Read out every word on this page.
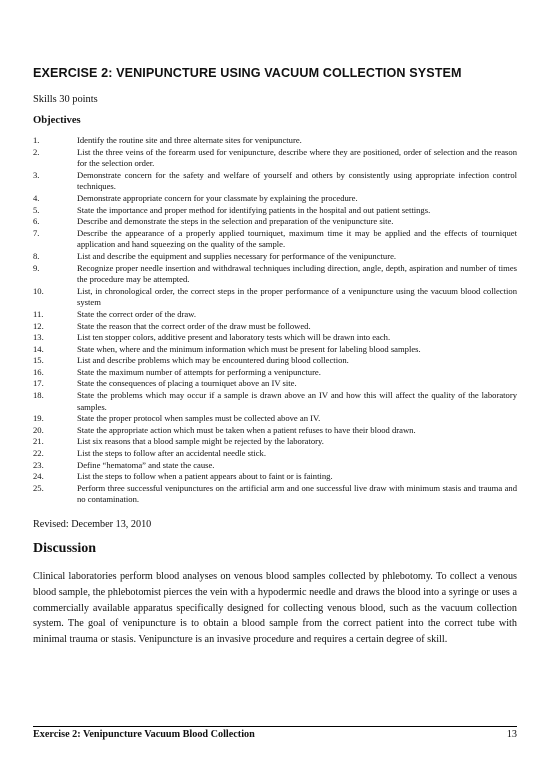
EXERCISE 2: VENIPUNCTURE USING VACUUM COLLECTION SYSTEM
Skills 30 points
Objectives
1.	Identify the routine site and three alternate sites for venipuncture.
2.	List the three veins of the forearm used for venipuncture, describe where they are positioned, order of selection and the reason for the selection order.
3.	Demonstrate concern for the safety and welfare of yourself and others by consistently using appropriate infection control techniques.
4.	Demonstrate appropriate concern for your classmate by explaining the procedure.
5.	State the importance and proper method for identifying patients in the hospital and out patient settings.
6.	Describe and demonstrate the steps in the selection and preparation of the venipuncture site.
7.	Describe the appearance of a properly applied tourniquet, maximum time it may be applied and the effects of tourniquet application and hand squeezing on the quality of the sample.
8.	List and describe the equipment and supplies necessary for performance of the venipuncture.
9.	Recognize proper needle insertion and withdrawal techniques including direction, angle, depth, aspiration and number of times the procedure may be attempted.
10.	List, in chronological order, the correct steps in the proper performance of a venipuncture using the vacuum blood collection system
11.	State the correct order of the draw.
12.	State the reason that the correct order of the draw must be followed.
13.	List ten stopper colors, additive present and laboratory tests which will be drawn into each.
14.	State when, where and the minimum information which must be present for labeling blood samples.
15.	List and describe problems which may be encountered during blood collection.
16.	State the maximum number of attempts for performing a venipuncture.
17.	State the consequences of placing a tourniquet above an IV site.
18.	State the problems which may occur if a sample is drawn above an IV and how this will affect the quality of the laboratory samples.
19.	State the proper protocol when samples must be collected above an IV.
20.	State the appropriate action which must be taken when a patient refuses to have their blood drawn.
21.	List six reasons that a blood sample might be rejected by the laboratory.
22.	List the steps to follow after an accidental needle stick.
23.	Define “hematoma” and state the cause.
24.	List the steps to follow when a patient appears about to faint or is fainting.
25.	Perform three successful venipunctures on the artificial arm and one successful live draw with minimum stasis and trauma and no contamination.
Revised: December 13, 2010
Discussion

Clinical laboratories perform blood analyses on venous blood samples collected by phlebotomy. To collect a venous blood sample, the phlebotomist pierces the vein with a hypodermic needle and draws the blood into a syringe or uses a commercially available apparatus specifically designed for collecting venous blood, such as the vacuum collection system. The goal of venipuncture is to obtain a blood sample from the correct patient into the correct tube with minimal trauma or stasis. Venipuncture is an invasive procedure and requires a certain degree of skill.

Exercise 2: Venipuncture Vacuum Blood Collection	13
